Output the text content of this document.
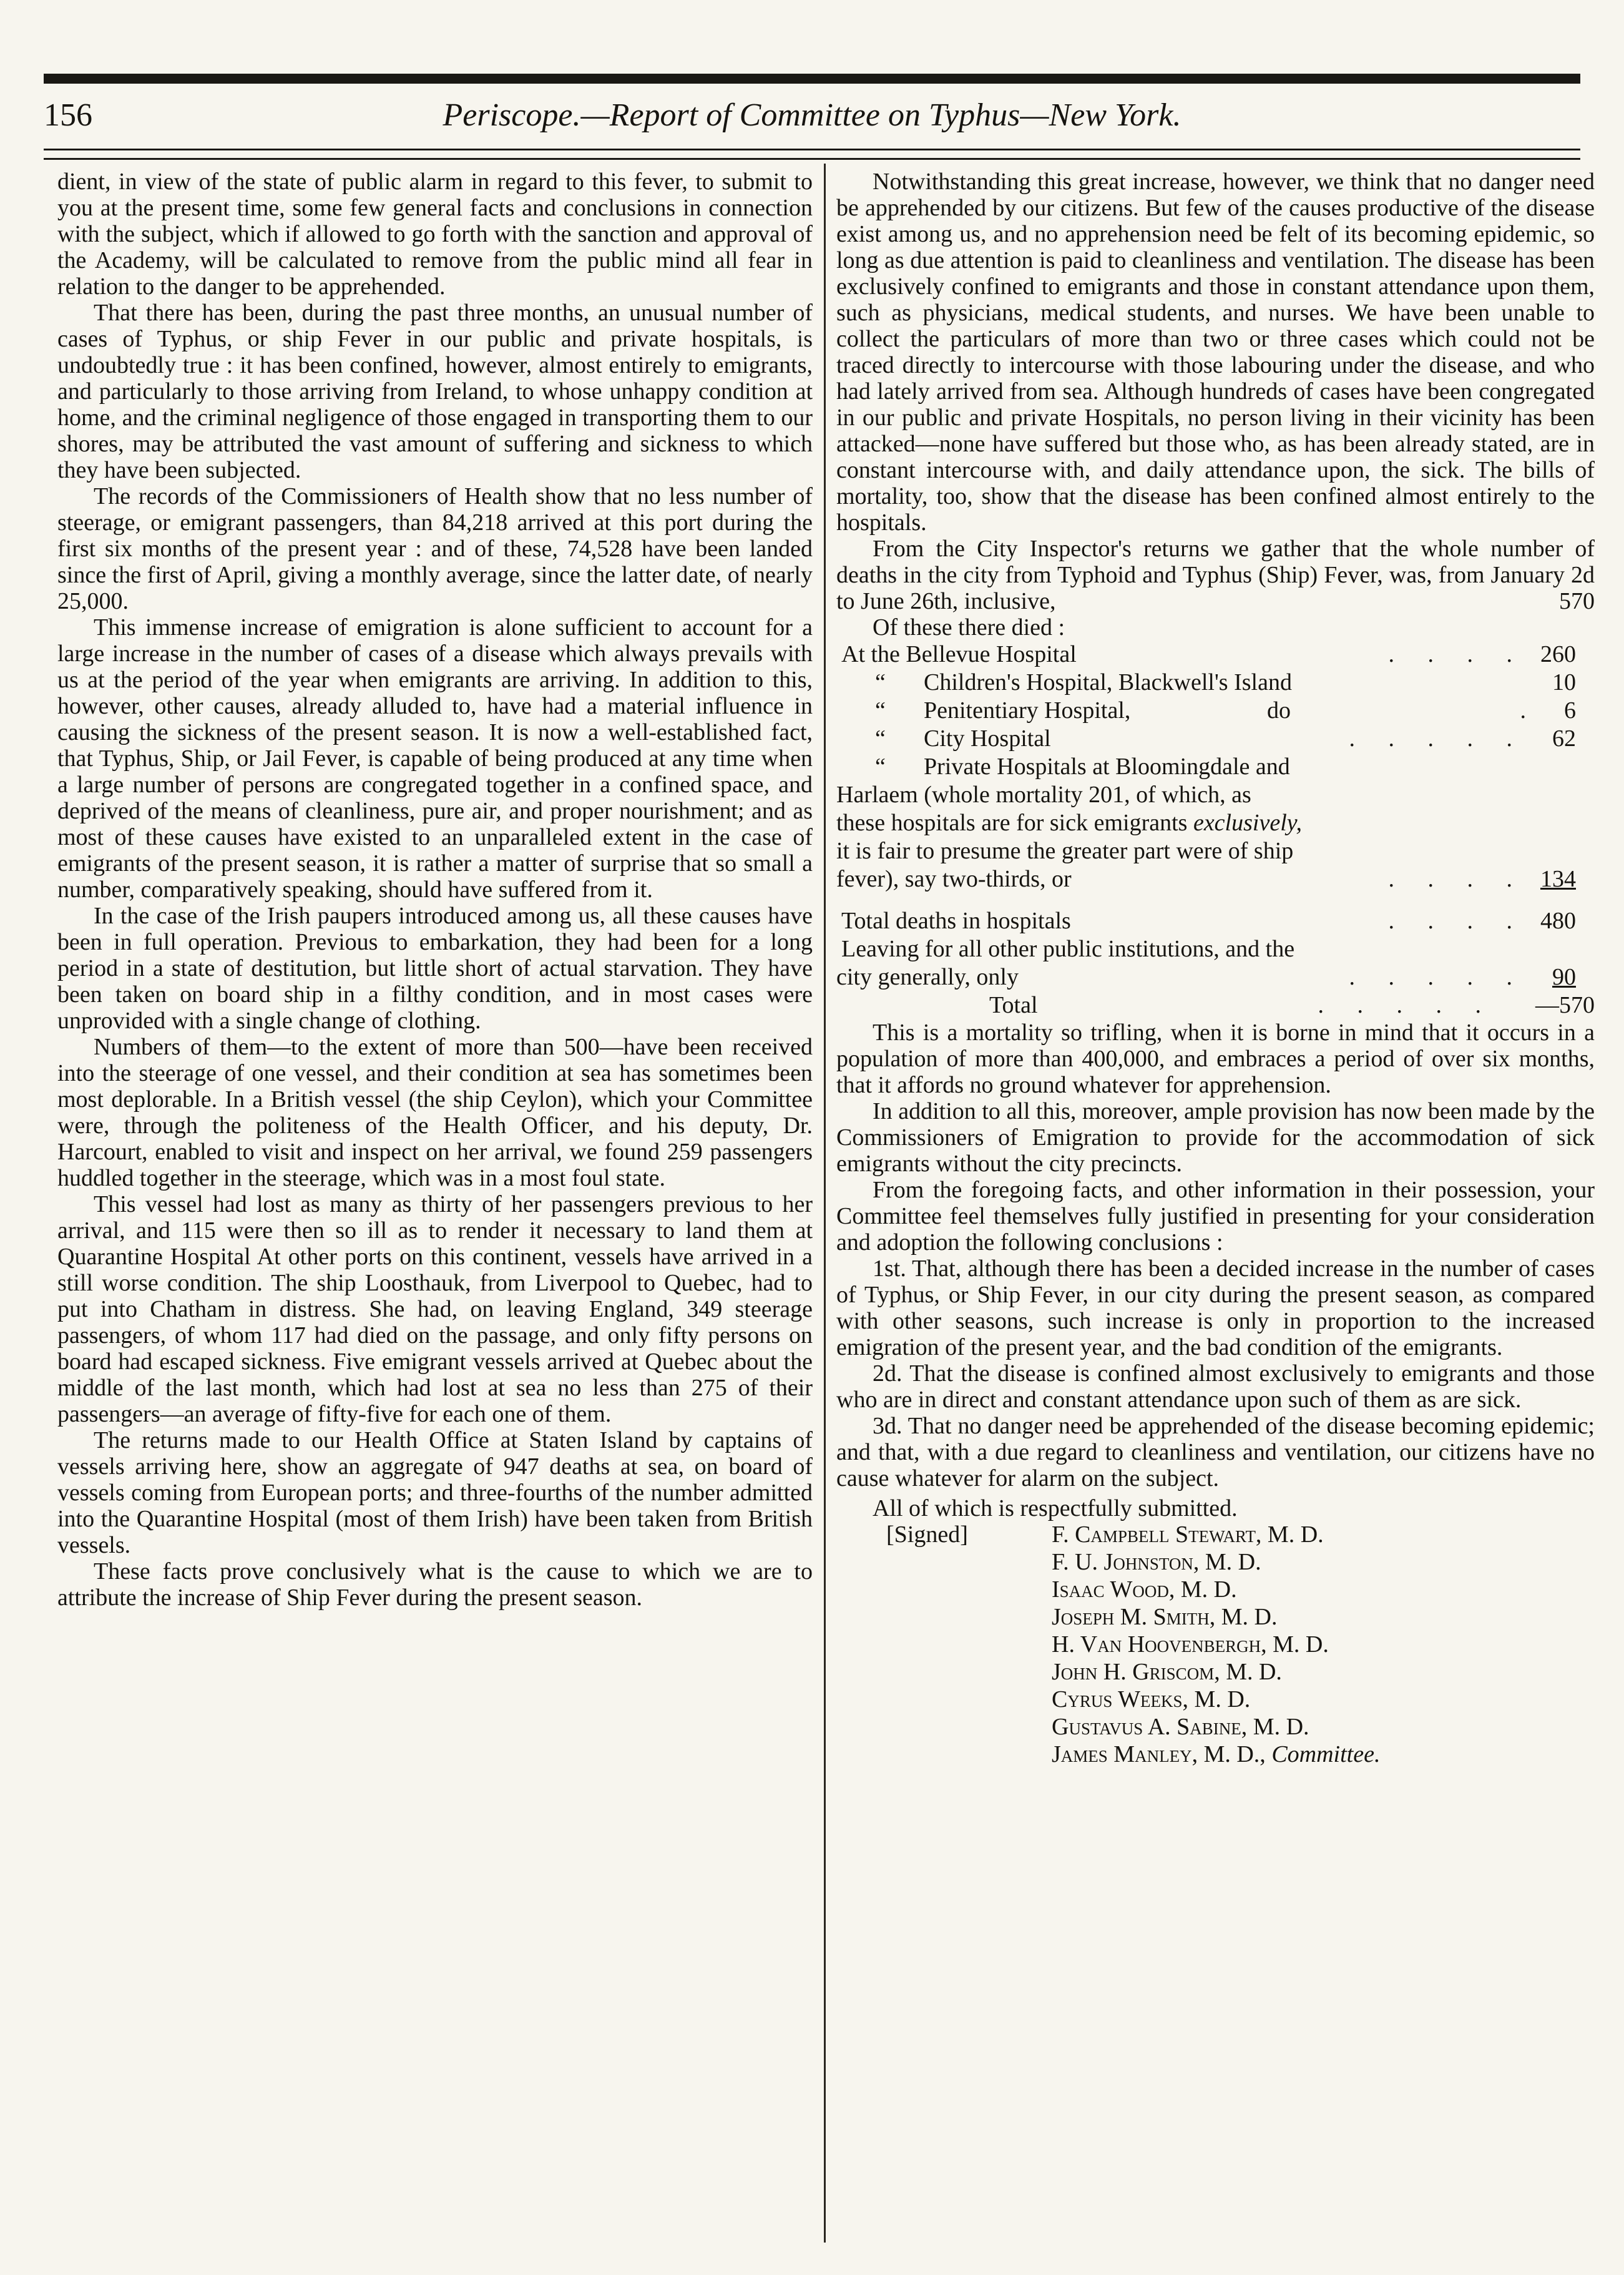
156	Periscope.—Report of Committee on Typhus—New York.

dient, in view of the state of public alarm in regard to this fever, to submit to you at the present time, some few general facts and conclusions in connection with the subject, which if allowed to go forth with the sanction and approval of the Academy, will be calculated to remove from the public mind all fear in relation to the danger to be apprehended.

That there has been, during the past three months, an unusual number of cases of Typhus, or ship Fever in our public and private hospitals, is undoubtedly true : it has been confined, however, almost entirely to emigrants, and particularly to those arriving from Ireland, to whose unhappy condition at home, and the criminal negligence of those engaged in transporting them to our shores, may be attributed the vast amount of suffering and sickness to which they have been subjected.

The records of the Commissioners of Health show that no less number of steerage, or emigrant passengers, than 84,218 arrived at this port during the first six months of the present year : and of these, 74,528 have been landed since the first of April, giving a monthly average, since the latter date, of nearly 25,000.

This immense increase of emigration is alone sufficient to account for a large increase in the number of cases of a disease which always prevails with us at the period of the year when emigrants are arriving. In addition to this, however, other causes, already alluded to, have had a material influence in causing the sickness of the present season. It is now a well-established fact, that Typhus, Ship, or Jail Fever, is capable of being produced at any time when a large number of persons are congregated together in a confined space, and deprived of the means of cleanliness, pure air, and proper nourishment; and as most of these causes have existed to an unparalleled extent in the case of emigrants of the present season, it is rather a matter of surprise that so small a number, comparatively speaking, should have suffered from it.

In the case of the Irish paupers introduced among us, all these causes have been in full operation. Previous to embarkation, they had been for a long period in a state of destitution, but little short of actual starvation. They have been taken on board ship in a filthy condition, and in most cases were unprovided with a single change of clothing.

Numbers of them—to the extent of more than 500—have been received into the steerage of one vessel, and their condition at sea has sometimes been most deplorable. In a British vessel (the ship Ceylon), which your Committee were, through the politeness of the Health Officer, and his deputy, Dr. Harcourt, enabled to visit and inspect on her arrival, we found 259 passengers huddled together in the steerage, which was in a most foul state.

This vessel had lost as many as thirty of her passengers previous to her arrival, and 115 were then so ill as to render it necessary to land them at Quarantine Hospital At other ports on this continent, vessels have arrived in a still worse condition. The ship Loosthauk, from Liverpool to Quebec, had to put into Chatham in distress. She had, on leaving England, 349 steerage passengers, of whom 117 had died on the passage, and only fifty persons on board had escaped sickness. Five emigrant vessels arrived at Quebec about the middle of the last month, which had lost at sea no less than 275 of their passengers—an average of fifty-five for each one of them.

The returns made to our Health Office at Staten Island by captains of vessels arriving here, show an aggregate of 947 deaths at sea, on board of vessels coming from European ports; and three-fourths of the number admitted into the Quarantine Hospital (most of them Irish) have been taken from British vessels.

These facts prove conclusively what is the cause to which we are to attribute the increase of Ship Fever during the present season.

Notwithstanding this great increase, however, we think that no danger need be apprehended by our citizens. But few of the causes productive of the disease exist among us, and no apprehension need be felt of its becoming epidemic, so long as due attention is paid to cleanliness and ventilation. The disease has been exclusively confined to emigrants and those in constant attendance upon them, such as physicians, medical students, and nurses. We have been unable to collect the particulars of more than two or three cases which could not be traced directly to intercourse with those labouring under the disease, and who had lately arrived from sea. Although hundreds of cases have been congregated in our public and private Hospitals, no person living in their vicinity has been attacked—none have suffered but those who, as has been already stated, are in constant intercourse with, and daily attendance upon, the sick. The bills of mortality, too, show that the disease has been confined almost entirely to the hospitals.

From the City Inspector's returns we gather that the whole number of deaths in the city from Typhoid and Typhus (Ship) Fever, was, from January 2d to June 26th, inclusive,	570

Of these there died :

At the Bellevue Hospital	. . . . 260
“ Children's Hospital, Blackwell's Island	10
“ Penitentiary Hospital,	do	. 6
“ City Hospital	. . . . . 62
“ Private Hospitals at Bloomingdale and
Harlaem (whole mortality 201, of which, as
these hospitals are for sick emigrants exclusively,
it is fair to presume the greater part were of ship
fever), say two-thirds, or	. . . . 134
Total deaths in hospitals	. . . . 480
Leaving for all other public institutions, and the
city generally, only	. . . . . 90
Total	. . . . . —570

This is a mortality so trifling, when it is borne in mind that it occurs in a population of more than 400,000, and embraces a period of over six months, that it affords no ground whatever for apprehension.

In addition to all this, moreover, ample provision has now been made by the Commissioners of Emigration to provide for the accommodation of sick emigrants without the city precincts.

From the foregoing facts, and other information in their possession, your Committee feel themselves fully justified in presenting for your consideration and adoption the following conclusions :

1st. That, although there has been a decided increase in the number of cases of Typhus, or Ship Fever, in our city during the present season, as compared with other seasons, such increase is only in proportion to the increased emigration of the present year, and the bad condition of the emigrants.

2d. That the disease is confined almost exclusively to emigrants and those who are in direct and constant attendance upon such of them as are sick.

3d. That no danger need be apprehended of the disease becoming epidemic; and that, with a due regard to cleanliness and ventilation, our citizens have no cause whatever for alarm on the subject.

All of which is respectfully submitted.

[Signed]	F. Campbell Stewart, M. D.
F. U. Johnston, M. D.
Isaac Wood, M. D.
Joseph M. Smith, M. D.
H. Van Hoovenbergh, M. D.
John H. Griscom, M. D.
Cyrus Weeks, M. D.
Gustavus A. Sabine, M. D.
James Manley, M. D., Committee.
